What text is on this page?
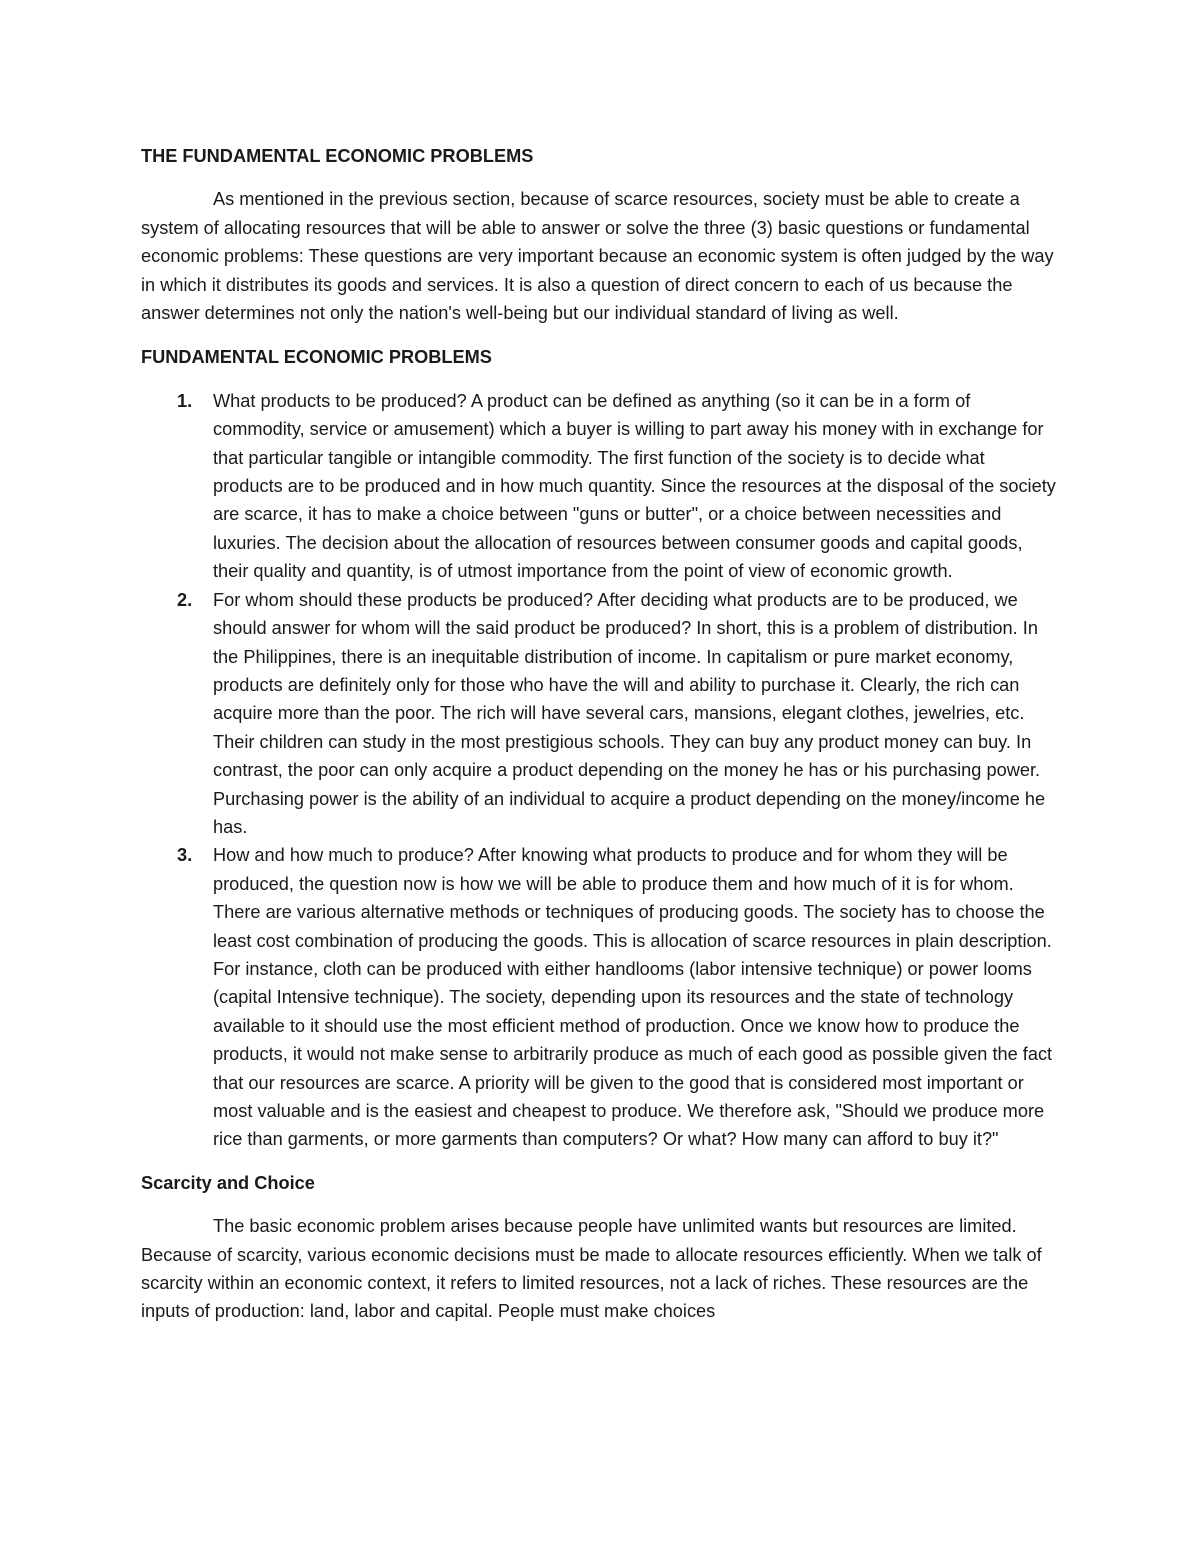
THE FUNDAMENTAL ECONOMIC PROBLEMS

As mentioned in the previous section, because of scarce resources, society must be able to create a system of allocating resources that will be able to answer or solve the three (3) basic questions or fundamental economic problems: These questions are very important because an economic system is often judged by the way in which it distributes its goods and services. It is also a question of direct concern to each of us because the answer determines not only the nation's well-being but our individual standard of living as well.

FUNDAMENTAL ECONOMIC PROBLEMS

1.	What products to be produced? A product can be defined as anything (so it can be in a form of commodity, service or amusement) which a buyer is willing to part away his money with in exchange for that particular tangible or intangible commodity. The first function of the society is to decide what products are to be produced and in how much quantity. Since the resources at the disposal of the society are scarce, it has to make a choice between "guns or butter", or a choice between necessities and luxuries. The decision about the allocation of resources between consumer goods and capital goods, their quality and quantity, is of utmost importance from the point of view of economic growth.
2.	For whom should these products be produced? After deciding what products are to be produced, we should answer for whom will the said product be produced? In short, this is a problem of distribution. In the Philippines, there is an inequitable distribution of income. In capitalism or pure market economy, products are definitely only for those who have the will and ability to purchase it. Clearly, the rich can acquire more than the poor. The rich will have several cars, mansions, elegant clothes, jewelries, etc. Their children can study in the most prestigious schools. They can buy any product money can buy. In contrast, the poor can only acquire a product depending on the money he has or his purchasing power. Purchasing power is the ability of an individual to acquire a product depending on the money/income he has.
3.	How and how much to produce? After knowing what products to produce and for whom they will be produced, the question now is how we will be able to produce them and how much of it is for whom. There are various alternative methods or techniques of producing goods. The society has to choose the least cost combination of producing the goods. This is allocation of scarce resources in plain description. For instance, cloth can be produced with either handlooms (labor intensive technique) or power looms (capital Intensive technique). The society, depending upon its resources and the state of technology available to it should use the most efficient method of production. Once we know how to produce the products, it would not make sense to arbitrarily produce as much of each good as possible given the fact that our resources are scarce. A priority will be given to the good that is considered most important or most valuable and is the easiest and cheapest to produce. We therefore ask, "Should we produce more rice than garments, or more garments than computers? Or what? How many can afford to buy it?"

Scarcity and Choice

The basic economic problem arises because people have unlimited wants but resources are limited. Because of scarcity, various economic decisions must be made to allocate resources efficiently. When we talk of scarcity within an economic context, it refers to limited resources, not a lack of riches. These resources are the inputs of production: land, labor and capital. People must make choices
